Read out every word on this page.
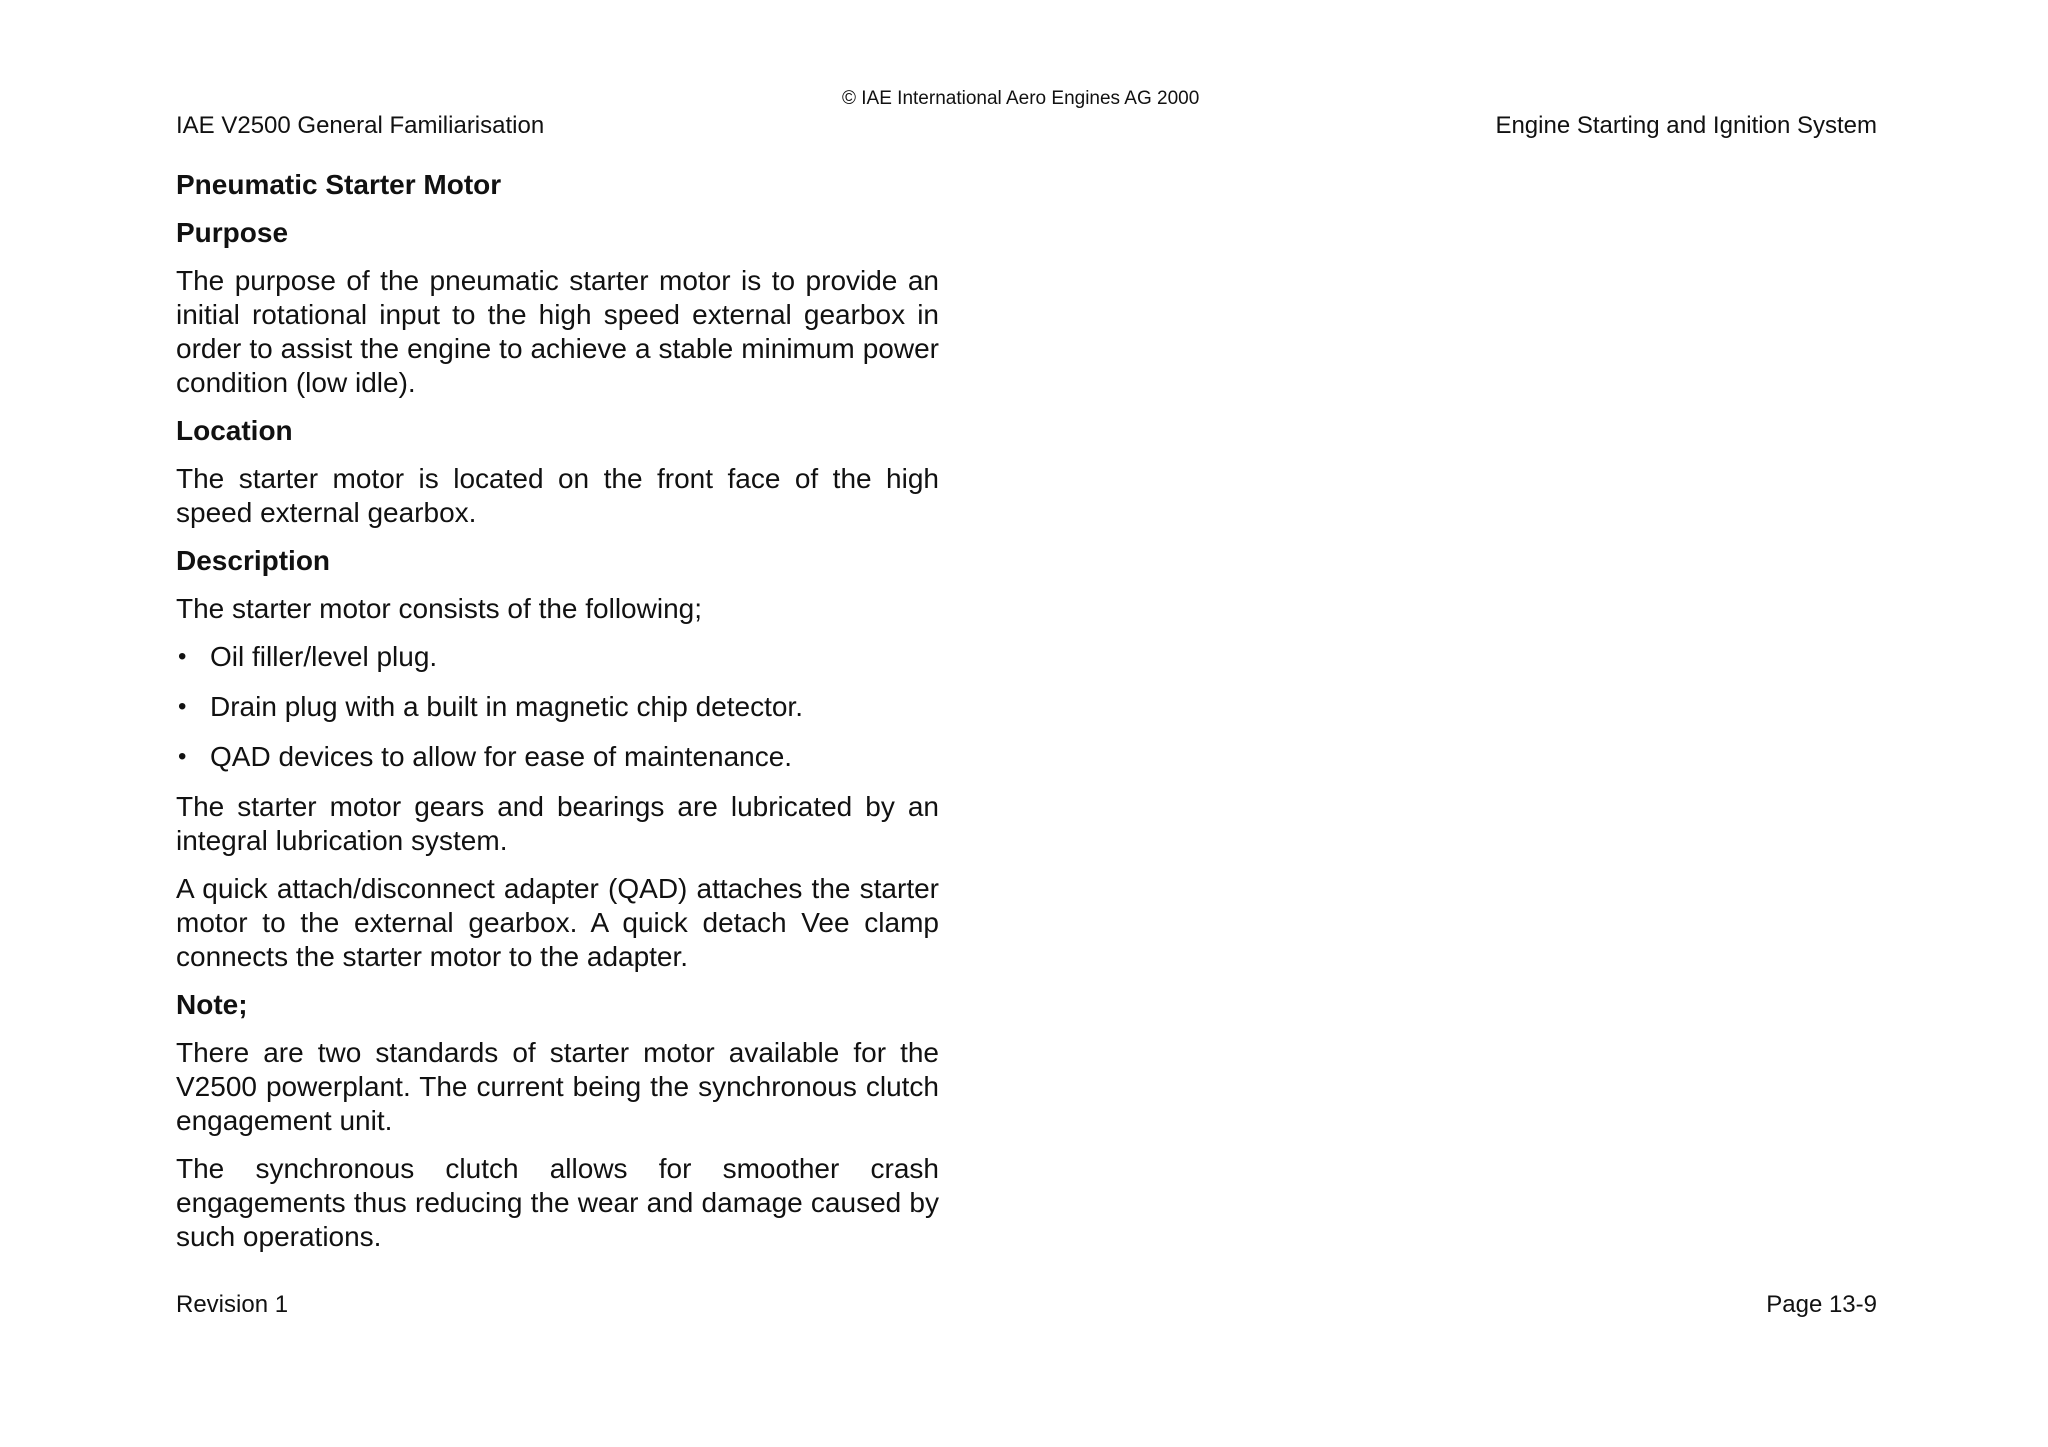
© IAE International Aero Engines AG 2000
IAE V2500 General Familiarisation	Engine Starting and Ignition System
Pneumatic Starter Motor
Purpose
The purpose of the pneumatic starter motor is to provide an initial rotational input to the high speed external gearbox in order to assist the engine to achieve a stable minimum power condition (low idle).
Location
The starter motor is located on the front face of the high speed external gearbox.
Description
The starter motor consists of the following;
• Oil filler/level plug.
• Drain plug with a built in magnetic chip detector.
• QAD devices to allow for ease of maintenance.
The starter motor gears and bearings are lubricated by an integral lubrication system.
A quick attach/disconnect adapter (QAD) attaches the starter motor to the external gearbox. A quick detach Vee clamp connects the starter motor to the adapter.
Note;
There are two standards of starter motor available for the V2500 powerplant. The current being the synchronous clutch engagement unit.
The synchronous clutch allows for smoother crash engagements thus reducing the wear and damage caused by such operations.
Revision 1	Page 13-9
